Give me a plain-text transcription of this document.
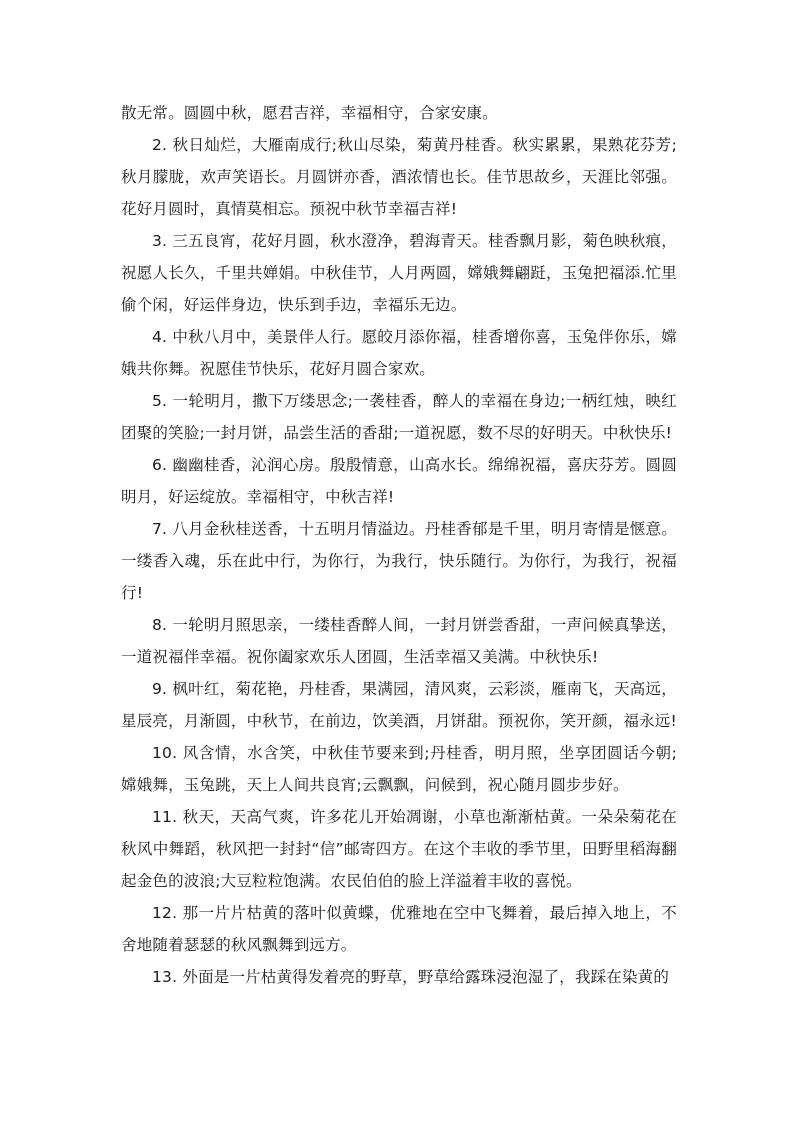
散无常。圆圆中秋，愿君吉祥，幸福相守，合家安康。

2. 秋日灿烂，大雁南成行;秋山尽染，菊黄丹桂香。秋实累累，果熟花芬芳;秋月朦胧，欢声笑语长。月圆饼亦香，酒浓情也长。佳节思故乡，天涯比邻强。花好月圆时，真情莫相忘。预祝中秋节幸福吉祥!

3. 三五良宵，花好月圆，秋水澄净，碧海青天。桂香飘月影，菊色映秋痕，祝愿人长久，千里共婵娟。中秋佳节，人月两圆，嫦娥舞翩跹，玉兔把福添.忙里偷个闲，好运伴身边，快乐到手边，幸福乐无边。

4. 中秋八月中，美景伴人行。愿皎月添你福，桂香增你喜，玉兔伴你乐，嫦娥共你舞。祝愿佳节快乐，花好月圆合家欢。

5. 一轮明月，撒下万缕思念;一袭桂香，醉人的幸福在身边;一柄红烛，映红团聚的笑脸;一封月饼，品尝生活的香甜;一道祝愿，数不尽的好明天。中秋快乐!

6. 幽幽桂香，沁润心房。殷殷情意，山高水长。绵绵祝福，喜庆芬芳。圆圆明月，好运绽放。幸福相守，中秋吉祥!

7. 八月金秋桂送香，十五明月情溢边。丹桂香郁是千里，明月寄情是惬意。一缕香入魂，乐在此中行，为你行，为我行，快乐随行。为你行，为我行，祝福行!

8. 一轮明月照思亲，一缕桂香醉人间，一封月饼尝香甜，一声问候真挚送，一道祝福伴幸福。祝你阖家欢乐人团圆，生活幸福又美满。中秋快乐!

9. 枫叶红，菊花艳，丹桂香，果满园，清风爽，云彩淡，雁南飞，天高远，星辰亮，月渐圆，中秋节，在前边，饮美酒，月饼甜。预祝你，笑开颜，福永远!

10. 风含情，水含笑，中秋佳节要来到;丹桂香，明月照，坐享团圆话今朝;嫦娥舞，玉兔跳，天上人间共良宵;云飘飘，问候到，祝心随月圆步步好。

11. 秋天，天高气爽，许多花儿开始凋谢，小草也渐渐枯黄。一朵朵菊花在秋风中舞蹈，秋风把一封封“信”邮寄四方。在这个丰收的季节里，田野里稻海翻起金色的波浪;大豆粒粒饱满。农民伯伯的脸上洋溢着丰收的喜悦。

12. 那一片片枯黄的落叶似黄蝶，优雅地在空中飞舞着，最后掉入地上，不舍地随着瑟瑟的秋风飘舞到远方。

13. 外面是一片枯黄得发着亮的野草，野草给露珠浸泡湿了，我踩在染黄的
